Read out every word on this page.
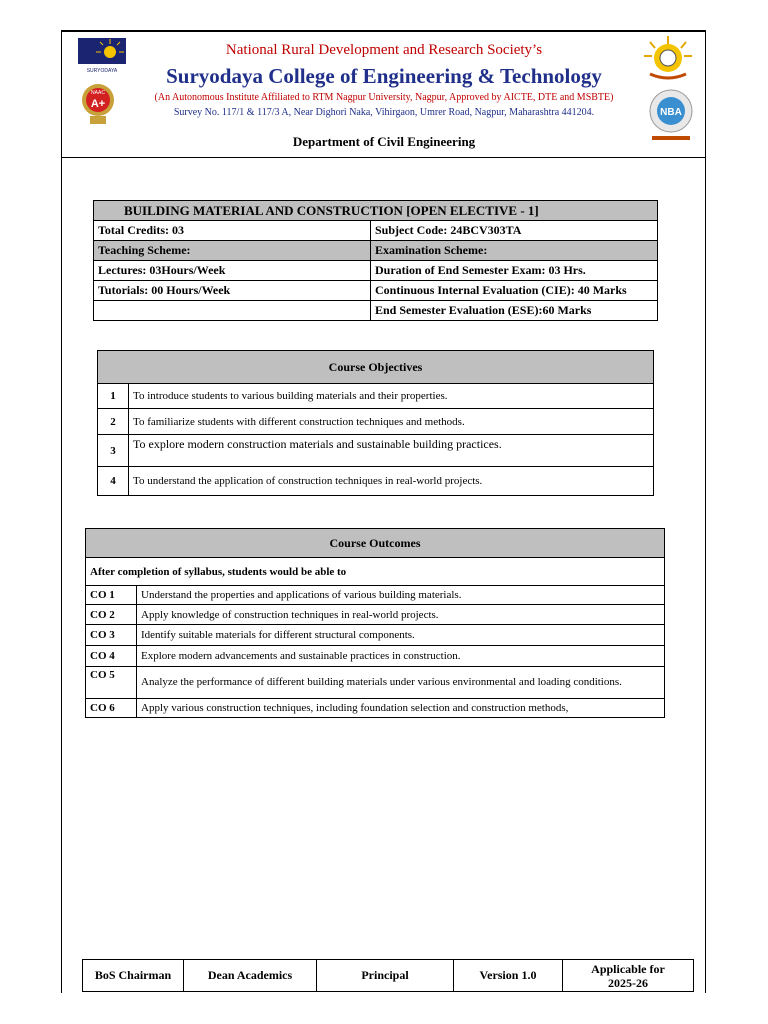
SURYODAYA
NAAC
A+
NBA
National Rural Development and Research Society’s
Suryodaya College of Engineering & Technology
(An Autonomous Institute Affiliated to RTM Nagpur University, Nagpur, Approved by AICTE, DTE and MSBTE)
Survey No. 117/1 & 117/3 A, Near Dighori Naka, Vihirgaon, Umrer Road, Nagpur, Maharashtra 441204.
Department of Civil Engineering
BUILDING MATERIAL AND CONSTRUCTION [OPEN ELECTIVE - 1]	
Total Credits: 03	Subject Code: 24BCV303TA
Teaching Scheme:	Examination Scheme:
Lectures: 03Hours/Week	Duration of End Semester Exam: 03 Hrs.
Tutorials: 00 Hours/Week	Continuous Internal Evaluation (CIE): 40 Marks
	End Semester Evaluation (ESE):60 Marks
Course Objectives	
1	To introduce students to various building materials and their properties.
2	To familiarize students with different construction techniques and methods.
3	To explore modern construction materials and sustainable building practices.
4	To understand the application of construction techniques in real-world projects.
Course Outcomes	
After completion of syllabus, students would be able to	
CO 1	Understand the properties and applications of various building materials.
CO 2	Apply knowledge of construction techniques in real-world projects.
CO 3	Identify suitable materials for different structural components.
CO 4	Explore modern advancements and sustainable practices in construction.
CO 5	Analyze the performance of different building materials under various environmental and loading conditions.
CO 6	Apply various construction techniques, including foundation selection and construction methods,
BoS Chairman	Dean Academics	Principal	Version 1.0	Applicable for
2025-26
